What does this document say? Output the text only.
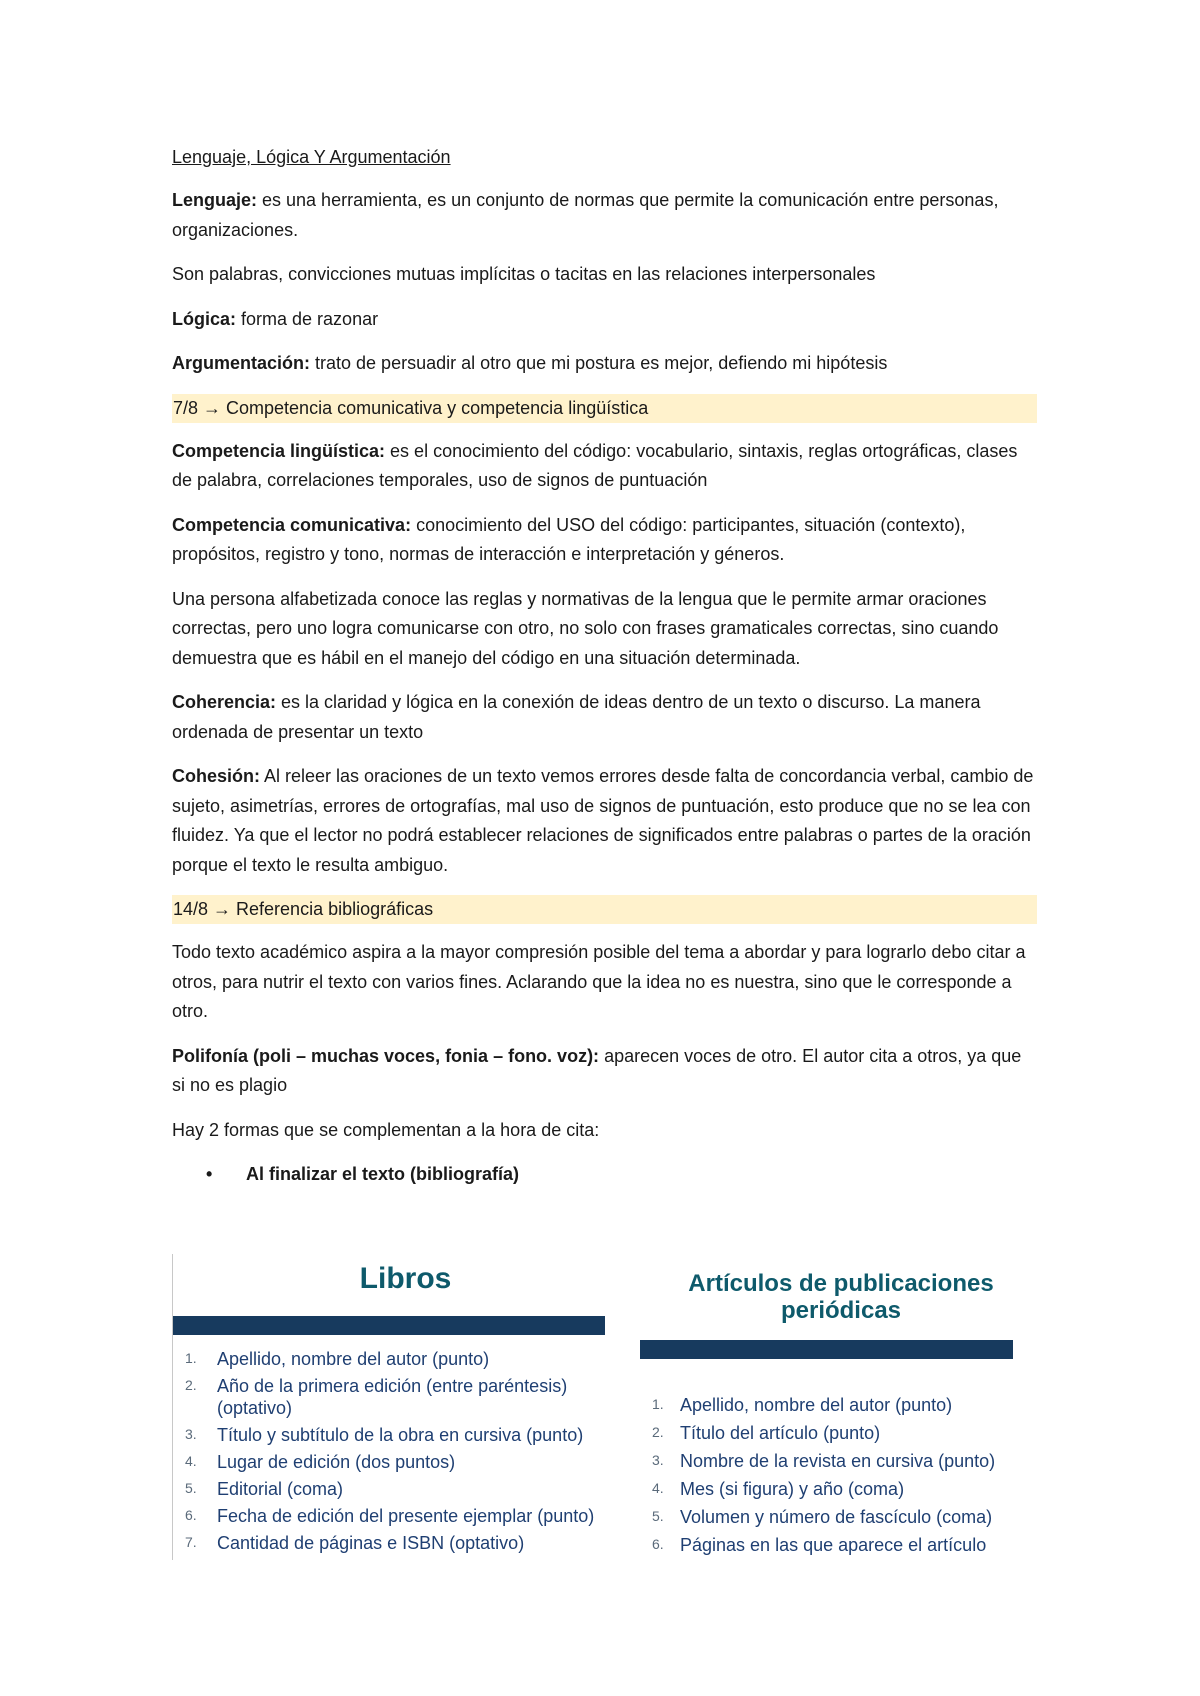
Lenguaje, Lógica Y Argumentación

Lenguaje: es una herramienta, es un conjunto de normas que permite la comunicación entre personas, organizaciones.

Son palabras, convicciones mutuas implícitas o tacitas en las relaciones interpersonales

Lógica: forma de razonar

Argumentación: trato de persuadir al otro que mi postura es mejor, defiendo mi hipótesis

7/8 → Competencia comunicativa y competencia lingüística

Competencia lingüística: es el conocimiento del código: vocabulario, sintaxis, reglas ortográficas, clases de palabra, correlaciones temporales, uso de signos de puntuación

Competencia comunicativa: conocimiento del USO del código: participantes, situación (contexto), propósitos, registro y tono, normas de interacción e interpretación y géneros.

Una persona alfabetizada conoce las reglas y normativas de la lengua que le permite armar oraciones correctas, pero uno logra comunicarse con otro, no solo con frases gramaticales correctas, sino cuando demuestra que es hábil en el manejo del código en una situación determinada.

Coherencia: es la claridad y lógica en la conexión de ideas dentro de un texto o discurso. La manera ordenada de presentar un texto

Cohesión: Al releer las oraciones de un texto vemos errores desde falta de concordancia verbal, cambio de sujeto, asimetrías, errores de ortografías, mal uso de signos de puntuación, esto produce que no se lea con fluidez. Ya que el lector no podrá establecer relaciones de significados entre palabras o partes de la oración porque el texto le resulta ambiguo.

14/8 → Referencia bibliográficas

Todo texto académico aspira a la mayor compresión posible del tema a abordar y para lograrlo debo citar a otros, para nutrir el texto con varios fines. Aclarando que la idea no es nuestra, sino que le corresponde a otro.

Polifonía (poli – muchas voces, fonia – fono. voz): aparecen voces de otro. El autor cita a otros, ya que si no es plagio

Hay 2 formas que se complementan a la hora de cita:

• Al finalizar el texto (bibliografía)
Libros
1.	Apellido, nombre del autor (punto)
2.	Año de la primera edición (entre paréntesis) (optativo)
3.	Título y subtítulo de la obra en cursiva (punto)
4.	Lugar de edición (dos puntos)
5.	Editorial (coma)
6.	Fecha de edición del presente ejemplar (punto)
7.	Cantidad de páginas e ISBN (optativo)
Artículos de publicaciones periódicas
1. Apellido, nombre del autor (punto)
2. Título del artículo (punto)
3. Nombre de la revista en cursiva (punto)
4. Mes (si figura) y año (coma)
5. Volumen y número de fascículo (coma)
6. Páginas en las que aparece el artículo
